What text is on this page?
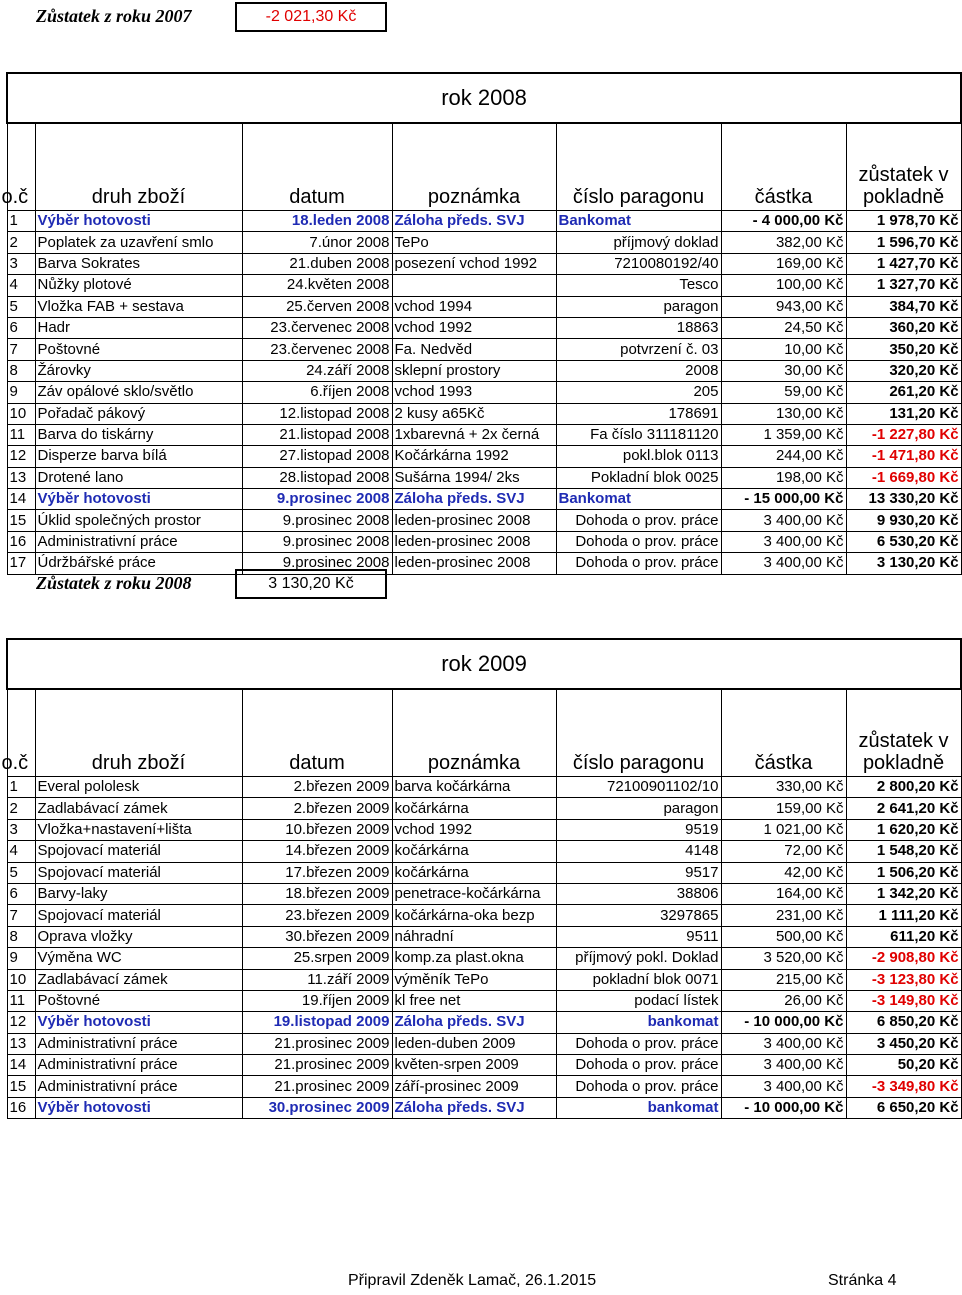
Zůstatek z roku 2007	-2 021,30 Kč
rok 2008						
o.č	druh zboží	datum	poznámka	číslo paragonu	částka	zůstatek v pokladně
1	Výběr hotovosti	18.leden 2008	Záloha předs. SVJ	Bankomat	- 4 000,00 Kč	1 978,70 Kč
2	Poplatek za uzavření smlo	7.únor 2008	TePo	příjmový doklad	382,00 Kč	1 596,70 Kč
3	Barva Sokrates	21.duben 2008	posezení vchod 1992	7210080192/40	169,00 Kč	1 427,70 Kč
4	Nůžky plotové	24.květen 2008		Tesco	100,00 Kč	1 327,70 Kč
5	Vložka FAB + sestava	25.červen 2008	vchod 1994	paragon	943,00 Kč	384,70 Kč
6	Hadr	23.červenec 2008	vchod 1992	18863	24,50 Kč	360,20 Kč
7	Poštovné	23.červenec 2008	Fa. Nedvěd	potvrzení č. 03	10,00 Kč	350,20 Kč
8	Žárovky	24.září 2008	sklepní prostory	2008	30,00 Kč	320,20 Kč
9	Záv opálové sklo/světlo	6.říjen 2008	vchod 1993	205	59,00 Kč	261,20 Kč
10	Pořadač pákový	12.listopad 2008	2 kusy a65Kč	178691	130,00 Kč	131,20 Kč
11	Barva do tiskárny	21.listopad 2008	1xbarevná + 2x černá	Fa číslo 311181120	1 359,00 Kč	-1 227,80 Kč
12	Disperze barva bílá	27.listopad 2008	Kočárkárna 1992	pokl.blok 0113	244,00 Kč	-1 471,80 Kč
13	Drotené lano	28.listopad 2008	Sušárna 1994/ 2ks	Pokladní blok 0025	198,00 Kč	-1 669,80 Kč
14	Výběr hotovosti	9.prosinec 2008	Záloha předs. SVJ	Bankomat	- 15 000,00 Kč	13 330,20 Kč
15	Úklid společných prostor	9.prosinec 2008	leden-prosinec 2008	Dohoda o prov. práce	3 400,00 Kč	9 930,20 Kč
16	Administrativní práce	9.prosinec 2008	leden-prosinec 2008	Dohoda o prov. práce	3 400,00 Kč	6 530,20 Kč
17	Údržbářské práce	9.prosinec 2008	leden-prosinec 2008	Dohoda o prov. práce	3 400,00 Kč	3 130,20 Kč
Zůstatek z roku 2008	3 130,20 Kč
rok 2009						
o.č	druh zboží	datum	poznámka	číslo paragonu	částka	zůstatek v pokladně
1	Everal pololesk	2.březen 2009	barva kočárkárna	72100901102/10	330,00 Kč	2 800,20 Kč
2	Zadlabávací zámek	2.březen 2009	kočárkárna	paragon	159,00 Kč	2 641,20 Kč
3	Vložka+nastavení+lišta	10.březen 2009	vchod 1992	9519	1 021,00 Kč	1 620,20 Kč
4	Spojovací materiál	14.březen 2009	kočárkárna	4148	72,00 Kč	1 548,20 Kč
5	Spojovací materiál	17.březen 2009	kočárkárna	9517	42,00 Kč	1 506,20 Kč
6	Barvy-laky	18.březen 2009	penetrace-kočárkárna	38806	164,00 Kč	1 342,20 Kč
7	Spojovací materiál	23.březen 2009	kočárkárna-oka bezp	3297865	231,00 Kč	1 111,20 Kč
8	Oprava vložky	30.březen 2009	náhradní	9511	500,00 Kč	611,20 Kč
9	Výměna WC	25.srpen 2009	komp.za plast.okna	příjmový pokl. Doklad	3 520,00 Kč	-2 908,80 Kč
10	Zadlabávací zámek	11.září 2009	výměník TePo	pokladní blok 0071	215,00 Kč	-3 123,80 Kč
11	Poštovné	19.říjen 2009	kl free net	podací lístek	26,00 Kč	-3 149,80 Kč
12	Výběr hotovosti	19.listopad 2009	Záloha předs. SVJ	bankomat	- 10 000,00 Kč	6 850,20 Kč
13	Administrativní práce	21.prosinec 2009	leden-duben 2009	Dohoda o prov. práce	3 400,00 Kč	3 450,20 Kč
14	Administrativní práce	21.prosinec 2009	květen-srpen 2009	Dohoda o prov. práce	3 400,00 Kč	50,20 Kč
15	Administrativní práce	21.prosinec 2009	září-prosinec 2009	Dohoda o prov. práce	3 400,00 Kč	-3 349,80 Kč
16	Výběr hotovosti	30.prosinec 2009	Záloha předs. SVJ	bankomat	- 10 000,00 Kč	6 650,20 Kč
Připravil Zdeněk Lamač, 26.1.2015	Stránka 4
